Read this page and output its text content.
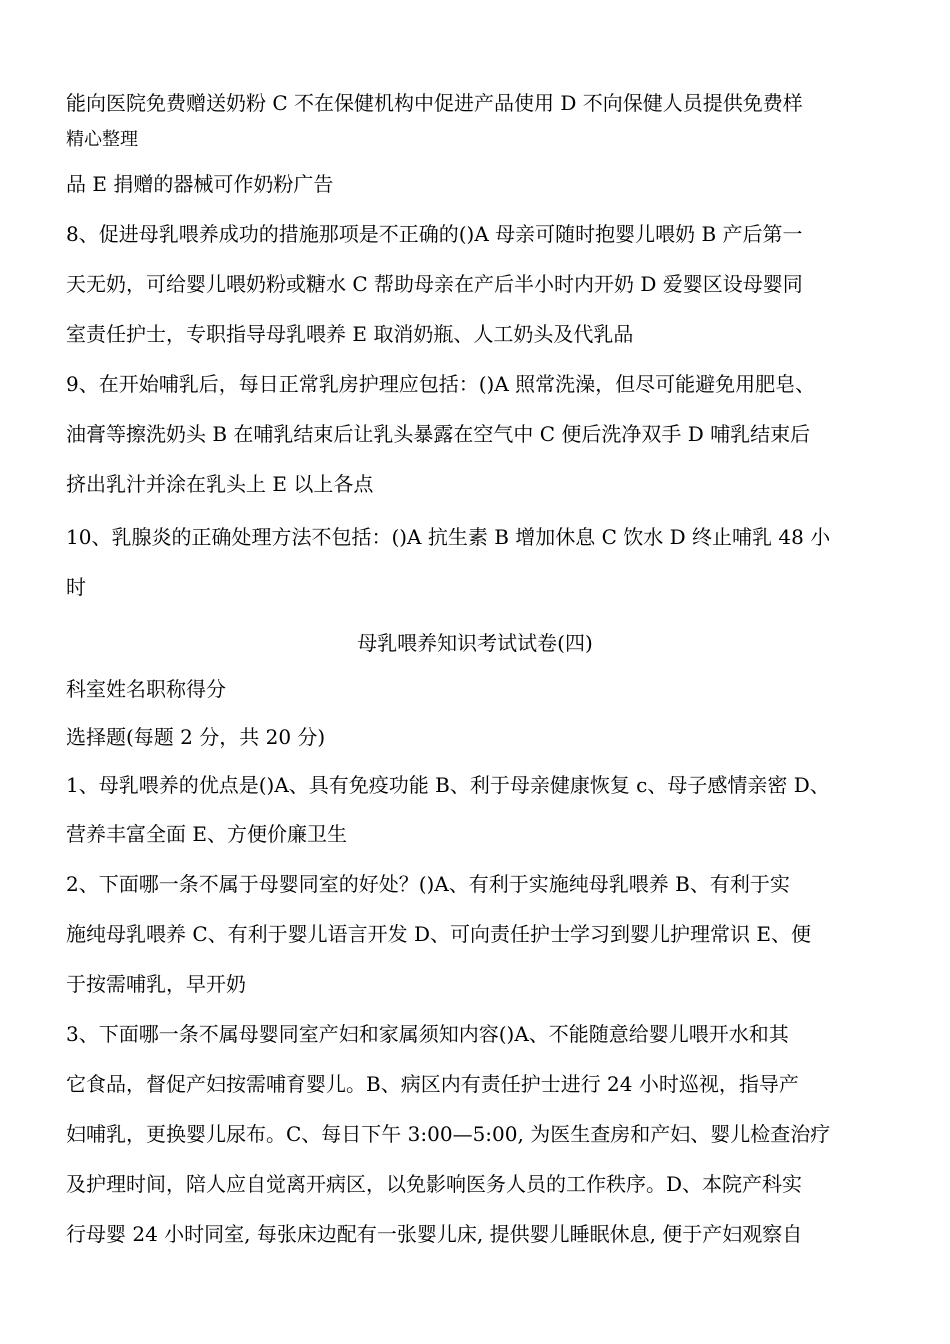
能向医院免费赠送奶粉 C 不在保健机构中促进产品使用 D 不向保健人员提供免费样
精心整理
品 E 捐赠的器械可作奶粉广告
8、促进母乳喂养成功的措施那项是不正确的()A 母亲可随时抱婴儿喂奶 B 产后第一
天无奶，可给婴儿喂奶粉或糖水 C 帮助母亲在产后半小时内开奶 D 爱婴区设母婴同
室责任护士，专职指导母乳喂养 E 取消奶瓶、人工奶头及代乳品
9、在开始哺乳后，每日正常乳房护理应包括：()A 照常洗澡，但尽可能避免用肥皂、
油膏等擦洗奶头 B 在哺乳结束后让乳头暴露在空气中 C 便后洗净双手 D 哺乳结束后
挤出乳汁并涂在乳头上 E 以上各点
10、乳腺炎的正确处理方法不包括：()A 抗生素 B 增加休息 C 饮水 D 终止哺乳 48 小
时
母乳喂养知识考试试卷(四)
科室姓名职称得分
选择题(每题 2 分，共 20 分)
1、母乳喂养的优点是()A、具有免疫功能 B、利于母亲健康恢复 c、母子感情亲密 D、
营养丰富全面 E、方便价廉卫生
2、下面哪一条不属于母婴同室的好处？()A、有利于实施纯母乳喂养 B、有利于实
施纯母乳喂养 C、有利于婴儿语言开发 D、可向责任护士学习到婴儿护理常识 E、便
于按需哺乳，早开奶
3、下面哪一条不属母婴同室产妇和家属须知内容()A、不能随意给婴儿喂开水和其
它食品，督促产妇按需哺育婴儿。B、病区内有责任护士进行 24 小时巡视，指导产
妇哺乳，更换婴儿尿布。C、每日下午 3:00—5:00, 为医生查房和产妇、婴儿检查治疗
及护理时间，陪人应自觉离开病区，以免影响医务人员的工作秩序。D、本院产科实
行母婴 24 小时同室, 每张床边配有一张婴儿床, 提供婴儿睡眠休息, 便于产妇观察自
